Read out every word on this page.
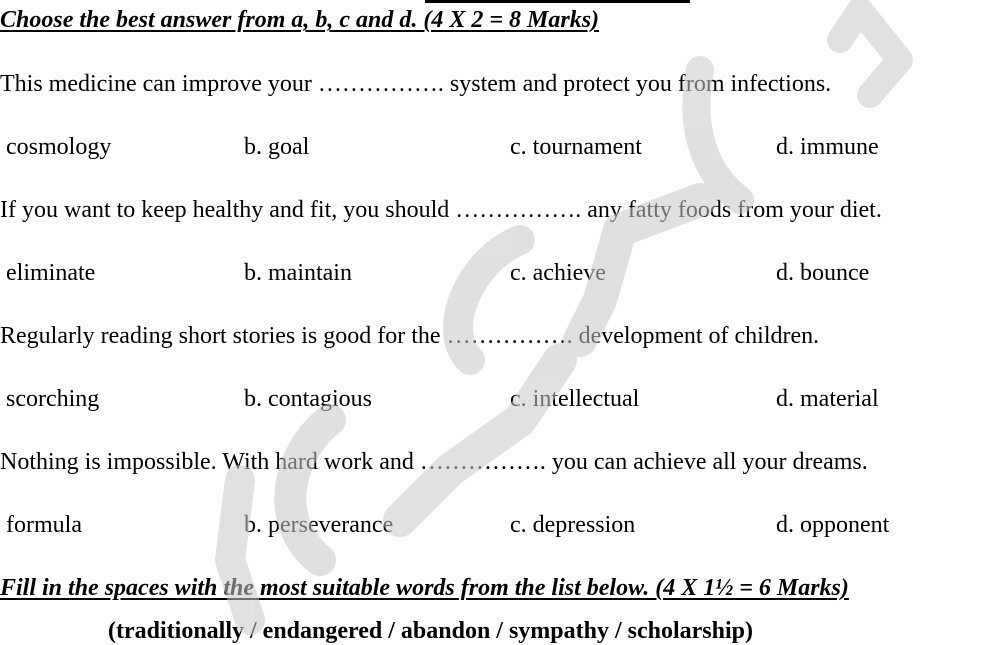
Choose the best answer from a, b, c and d. (4 X 2 = 8 Marks)
This medicine can improve your ……………. system and protect you from infections.
cosmology	b. goal	c. tournament	d. immune
If you want to keep healthy and fit, you should ……………. any fatty foods from your diet.
eliminate	b. maintain	c. achieve	d. bounce
Regularly reading short stories is good for the ……………. development of children.
scorching	b. contagious	c. intellectual	d. material
Nothing is impossible. With hard work and ……………. you can achieve all your dreams.
formula	b. perseverance	c. depression	d. opponent
Fill in the spaces with the most suitable words from the list below. (4 X 1½ = 6 Marks)
(traditionally / endangered / abandon / sympathy / scholarship)
